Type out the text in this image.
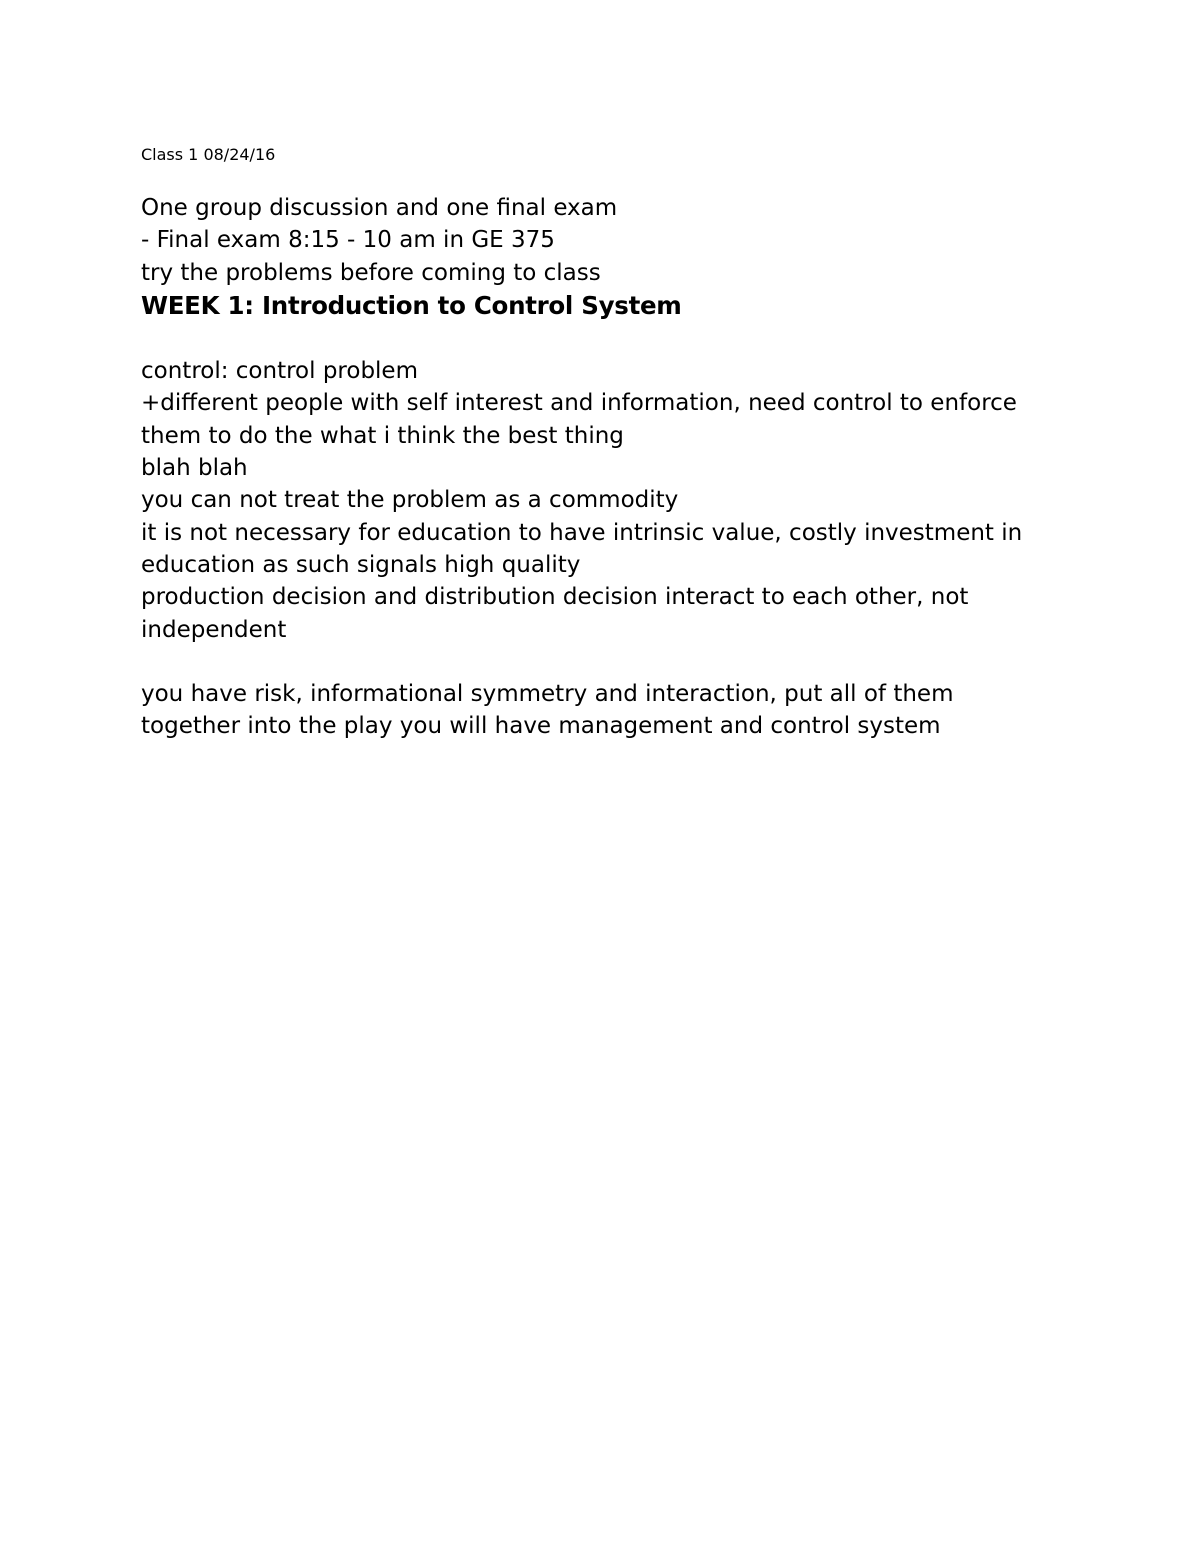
Class 1 08/24/16

One group discussion and one final exam

- Final exam 8:15 - 10 am in GE 375

try the problems before coming to class

WEEK 1: Introduction to Control System

control: control problem

+different people with self interest and information, need control to enforce

them to do the what i think the best thing

blah blah

you can not treat the problem as a commodity

it is not necessary for education to have intrinsic value, costly investment in

education as such signals high quality

production decision and distribution decision interact to each other, not

independent

you have risk, informational symmetry and interaction, put all of them

together into the play you will have management and control system
